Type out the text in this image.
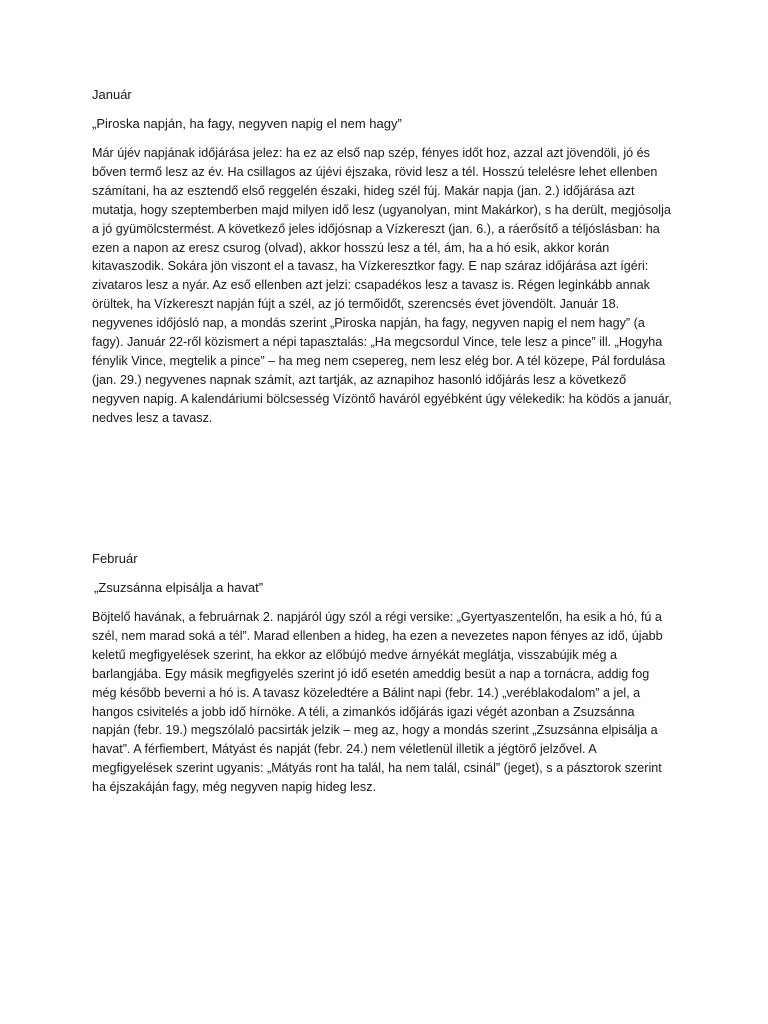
Január

„Piroska napján, ha fagy, negyven napig el nem hagy”

Már újév napjának időjárása jelez: ha ez az első nap szép, fényes időt hoz, azzal azt jövendöli, jó és bőven termő lesz az év. Ha csillagos az újévi éjszaka, rövid lesz a tél. Hosszú telelésre lehet ellenben számítani, ha az esztendő első reggelén északi, hideg szél fúj. Makár napja (jan. 2.) időjárása azt mutatja, hogy szeptemberben majd milyen idő lesz (ugyanolyan, mint Makárkor), s ha derült, megjósolja a jó gyümölcstermést. A következő jeles időjósnap a Vízkereszt (jan. 6.), a ráerősítő a téljóslásban: ha ezen a napon az eresz csurog (olvad), akkor hosszú lesz a tél, ám, ha a hó esik, akkor korán kitavaszodik. Sokára jön viszont el a tavasz, ha Vízkeresztkor fagy. E nap száraz időjárása azt ígéri: zivataros lesz a nyár. Az eső ellenben azt jelzi: csapadékos lesz a tavasz is. Régen leginkább annak örültek, ha Vízkereszt napján fújt a szél, az jó termőidőt, szerencsés évet jövendölt. Január 18. negyvenes időjósló nap, a mondás szerint „Piroska napján, ha fagy, negyven napig el nem hagy” (a fagy). Január 22-ről közismert a népi tapasztalás: „Ha megcsordul Vince, tele lesz a pince” ill. „Hogyha fénylik Vince, megtelik a pince” – ha meg nem csepereg, nem lesz elég bor. A tél közepe, Pál fordulása (jan. 29.) negyvenes napnak számít, azt tartják, az aznapihoz hasonló időjárás lesz a következő negyven napig. A kalendáriumi bölcsesség Vízöntő haváról egyébként úgy vélekedik: ha ködös a január, nedves lesz a tavasz.

Február

„Zsuzsánna elpisálja a havat”

Böjtelő havának, a februárnak 2. napjáról úgy szól a régi versike: „Gyertyaszentelőn, ha esik a hó, fú a szél, nem marad soká a tél”. Marad ellenben a hideg, ha ezen a nevezetes napon fényes az idő, újabb keletű megfigyelések szerint, ha ekkor az előbújó medve árnyékát meglátja, visszabújik még a barlangjába. Egy másik megfigyelés szerint jó idő esetén ameddig besüt a nap a tornácra, addig fog még később beverni a hó is. A tavasz közeledtére a Bálint napi (febr. 14.) „veréblakodalom” a jel, a hangos csivitelés a jobb idő hírnöke. A téli, a zimankós időjárás igazi végét azonban a Zsuzsánna napján (febr. 19.) megszólaló pacsirták jelzik – meg az, hogy a mondás szerint „Zsuzsánna elpisálja a havat”. A férfiembert, Mátyást és napját (febr. 24.) nem véletlenül illetik a jégtörő jelzővel. A megfigyelések szerint ugyanis: „Mátyás ront ha talál, ha nem talál, csinál” (jeget), s a pásztorok szerint ha éjszakáján fagy, még negyven napig hideg lesz.
